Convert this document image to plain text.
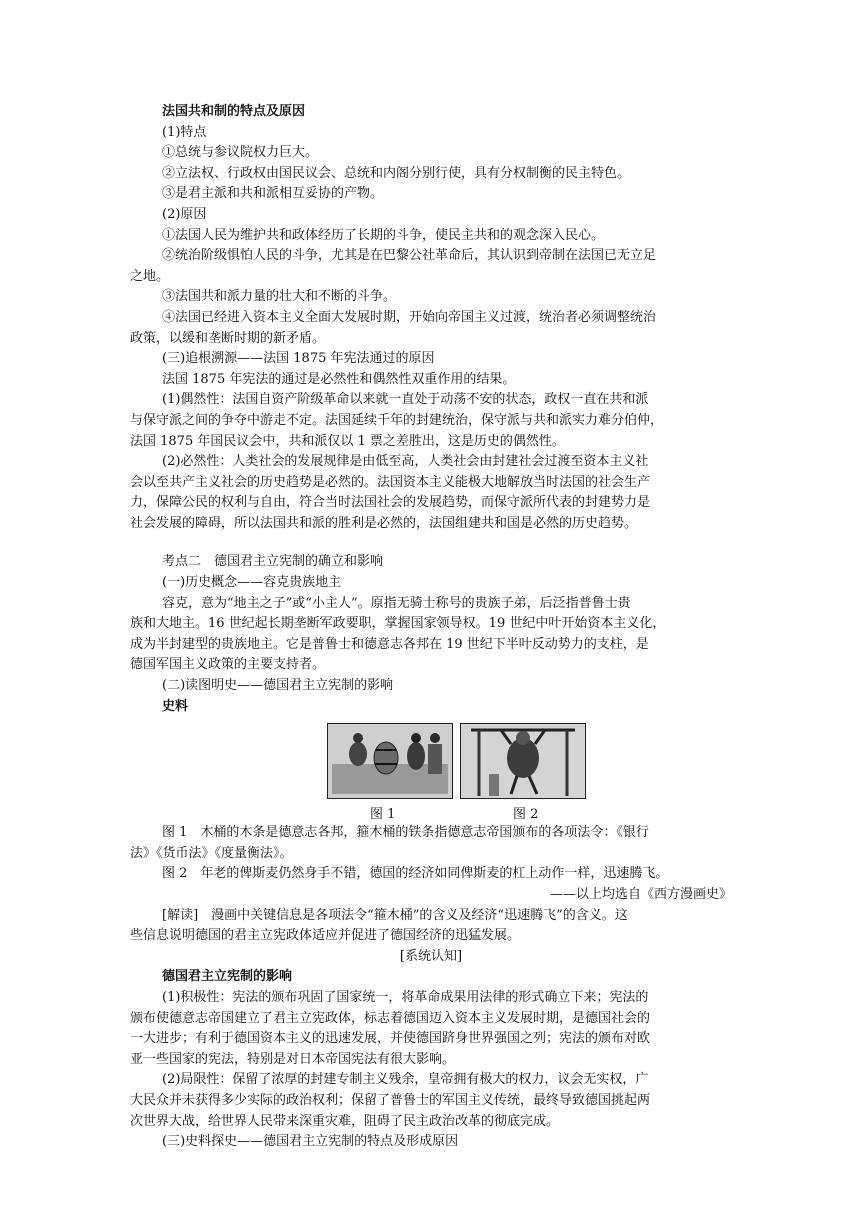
法国共和制的特点及原因
(1)特点
①总统与参议院权力巨大。
②立法权、行政权由国民议会、总统和内阁分别行使，具有分权制衡的民主特色。
③是君主派和共和派相互妥协的产物。
(2)原因
①法国人民为维护共和政体经历了长期的斗争，使民主共和的观念深入民心。
②统治阶级惧怕人民的斗争，尤其是在巴黎公社革命后，其认识到帝制在法国已无立足
之地。
③法国共和派力量的壮大和不断的斗争。
④法国已经进入资本主义全面大发展时期，开始向帝国主义过渡，统治者必须调整统治
政策，以缓和垄断时期的新矛盾。
(三)追根溯源——法国 1875 年宪法通过的原因
法国 1875 年宪法的通过是必然性和偶然性双重作用的结果。
(1)偶然性：法国自资产阶级革命以来就一直处于动荡不安的状态，政权一直在共和派
与保守派之间的争夺中游走不定。法国延续千年的封建统治，保守派与共和派实力难分伯仲，
法国 1875 年国民议会中，共和派仅以 1 票之差胜出，这是历史的偶然性。
(2)必然性：人类社会的发展规律是由低至高，人类社会由封建社会过渡至资本主义社
会以至共产主义社会的历史趋势是必然的。法国资本主义能极大地解放当时法国的社会生产
力，保障公民的权利与自由，符合当时法国社会的发展趋势，而保守派所代表的封建势力是
社会发展的障碍，所以法国共和派的胜利是必然的，法国组建共和国是必然的历史趋势。
考点二　德国君主立宪制的确立和影响
(一)历史概念——容克贵族地主
容克，意为“地主之子”或“小主人”。原指无骑士称号的贵族子弟，后泛指普鲁士贵
族和大地主。16 世纪起长期垄断军政要职，掌握国家领导权。19 世纪中叶开始资本主义化，
成为半封建型的贵族地主。它是普鲁士和德意志各邦在 19 世纪下半叶反动势力的支柱，是
德国军国主义政策的主要支持者。
(二)读图明史——德国君主立宪制的影响
史料
图 1	图 2
图 1　木桶的木条是德意志各邦，箍木桶的铁条指德意志帝国颁布的各项法令：《银行
法》《货币法》《度量衡法》。
图 2　年老的俾斯麦仍然身手不错，德国的经济如同俾斯麦的杠上动作一样，迅速腾飞。
——以上均选自《西方漫画史》
[解读]　漫画中关键信息是各项法令“箍木桶”的含义及经济“迅速腾飞”的含义。这
些信息说明德国的君主立宪政体适应并促进了德国经济的迅猛发展。
[系统认知]
德国君主立宪制的影响
(1)积极性：宪法的颁布巩固了国家统一，将革命成果用法律的形式确立下来；宪法的
颁布使德意志帝国建立了君主立宪政体，标志着德国迈入资本主义发展时期，是德国社会的
一大进步；有利于德国资本主义的迅速发展，并使德国跻身世界强国之列；宪法的颁布对欧
亚一些国家的宪法，特别是对日本帝国宪法有很大影响。
(2)局限性：保留了浓厚的封建专制主义残余，皇帝拥有极大的权力，议会无实权，广
大民众并未获得多少实际的政治权利；保留了普鲁士的军国主义传统，最终导致德国挑起两
次世界大战，给世界人民带来深重灾难，阻碍了民主政治改革的彻底完成。
(三)史料探史——德国君主立宪制的特点及形成原因
